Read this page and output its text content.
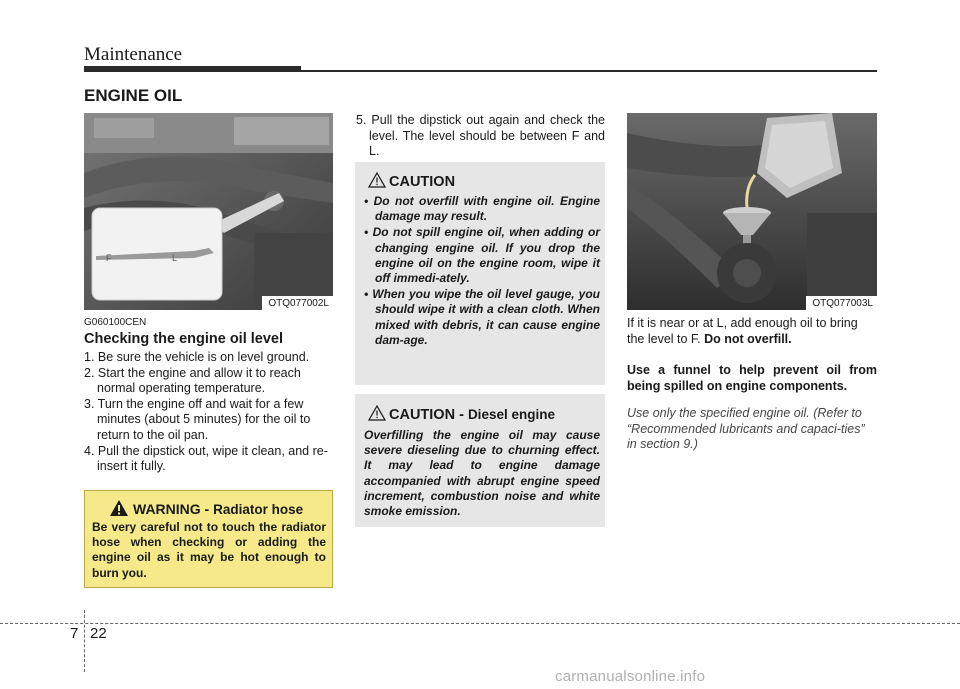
Maintenance
ENGINE OIL
F	L
OTQ077002L
G060100CEN
Checking the engine oil level
1. Be sure the vehicle is on level ground.
2. Start the engine and allow it to reach normal operating temperature.
3. Turn the engine off and wait for a few minutes (about 5 minutes) for the oil to return to the oil pan.
4. Pull the dipstick out, wipe it clean, and re-insert it fully.
WARNING - Radiator hose
Be very careful not to touch the radiator hose when checking or adding the engine oil as it may be hot enough to burn you.
5. Pull the dipstick out again and check the level. The level should be between F and L.
CAUTION
• Do not overfill with engine oil. Engine damage may result.
• Do not spill engine oil, when adding or changing engine oil. If you drop the engine oil on the engine room, wipe it off immedi-ately.
• When you wipe the oil level gauge, you should wipe it with a clean cloth. When mixed with debris, it can cause engine dam-age.
CAUTION - Diesel engine
Overfilling the engine oil may cause severe dieseling due to churning effect. It may lead to engine damage accompanied with abrupt engine speed increment, combustion noise and white smoke emission.
OTQ077003L
If it is near or at L, add enough oil to bring the level to F. Do not overfill.
Use a funnel to help prevent oil from being spilled on engine components.
Use only the specified engine oil. (Refer to “Recommended lubricants and capaci-ties” in section 9.)
7 22
carmanualsonline.info
